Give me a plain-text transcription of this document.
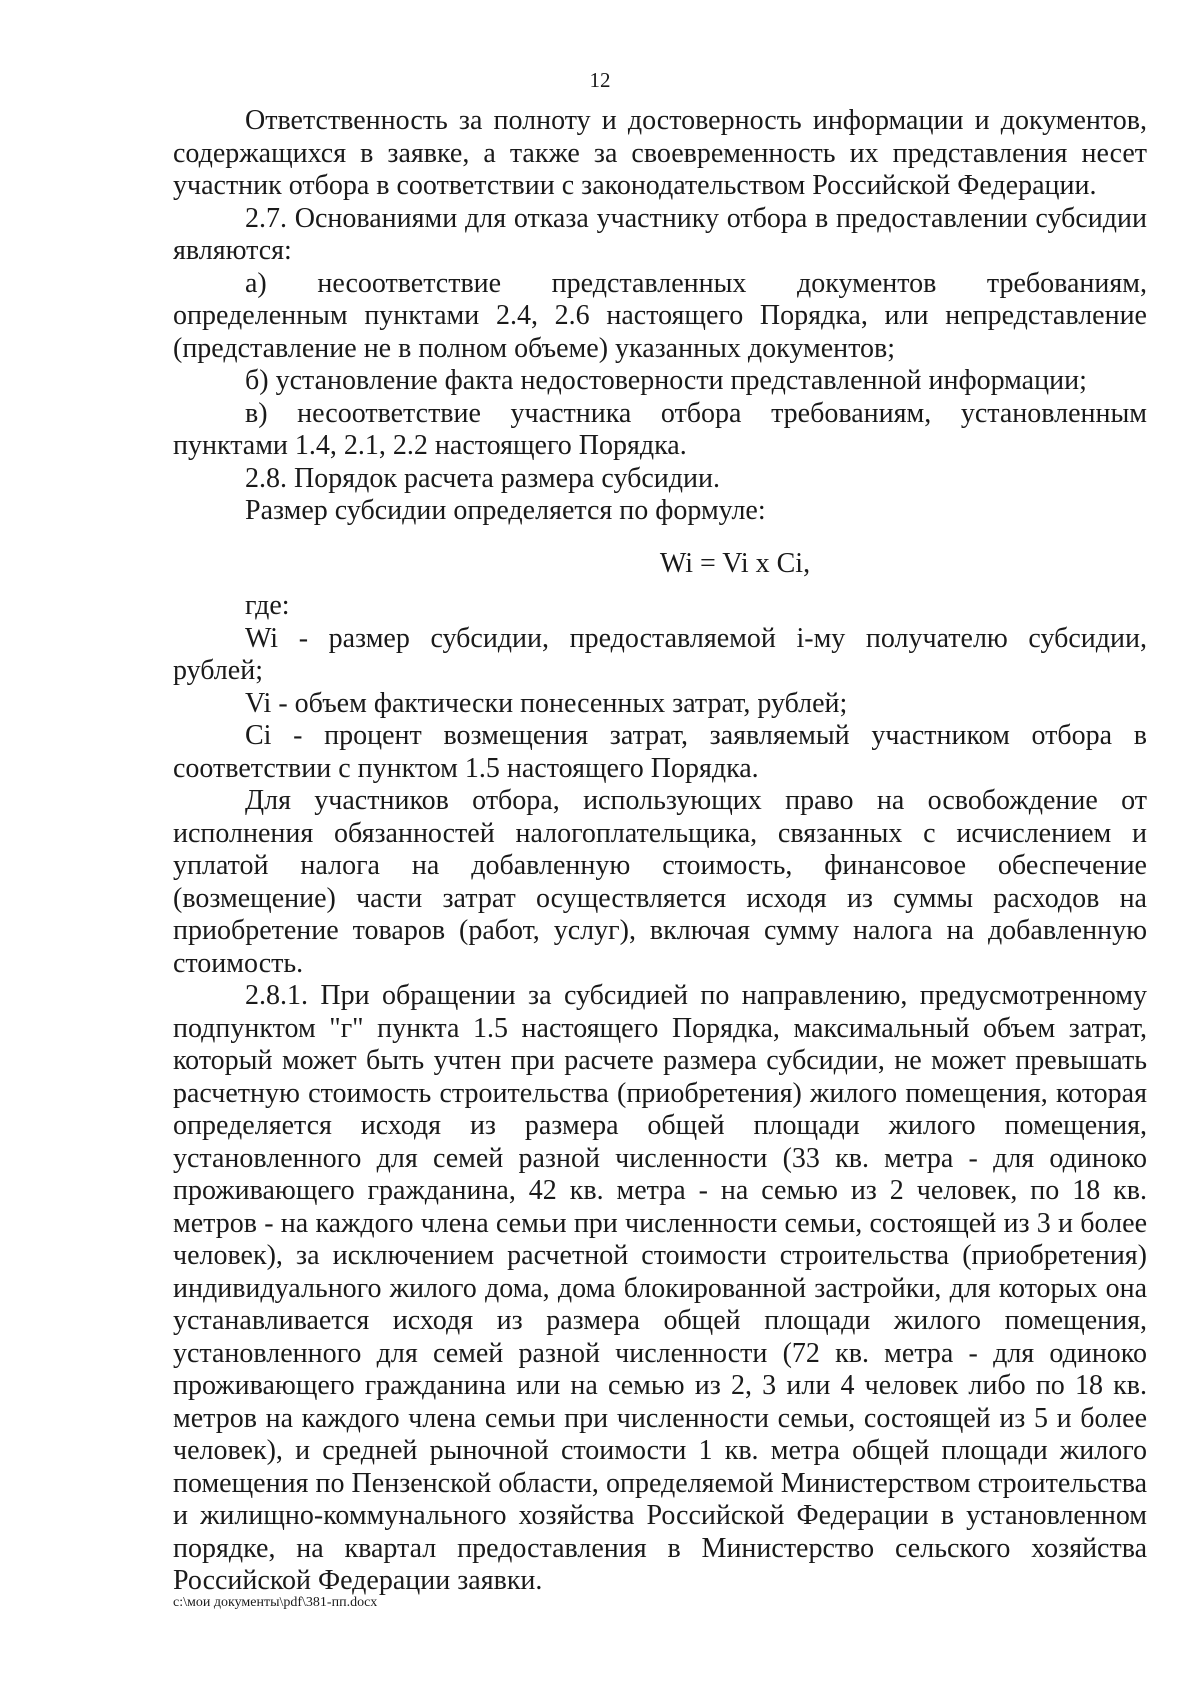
12

Ответственность за полноту и достоверность информации и документов, содержащихся в заявке, а также за своевременность их представления несет участник отбора в соответствии с законодательством Российской Федерации.

2.7. Основаниями для отказа участнику отбора в предоставлении субсидии являются:

а) несоответствие представленных документов требованиям, определенным пунктами 2.4, 2.6 настоящего Порядка, или непредставление (представление не в полном объеме) указанных документов;

б) установление факта недостоверности представленной информации;

в) несоответствие участника отбора требованиям, установленным пунктами 1.4, 2.1, 2.2 настоящего Порядка.

2.8. Порядок расчета размера субсидии.

Размер субсидии определяется по формуле:

Wi = Vi x Ci,

где:

Wi - размер субсидии, предоставляемой i-му получателю субсидии, рублей;

Vi - объем фактически понесенных затрат, рублей;

Ci - процент возмещения затрат, заявляемый участником отбора в соответствии с пунктом 1.5 настоящего Порядка.

Для участников отбора, использующих право на освобождение от исполнения обязанностей налогоплательщика, связанных с исчислением и уплатой налога на добавленную стоимость, финансовое обеспечение (возмещение) части затрат осуществляется исходя из суммы расходов на приобретение товаров (работ, услуг), включая сумму налога на добавленную стоимость.

2.8.1. При обращении за субсидией по направлению, предусмотренному подпунктом "г" пункта 1.5 настоящего Порядка, максимальный объем затрат, который может быть учтен при расчете размера субсидии, не может превышать расчетную стоимость строительства (приобретения) жилого помещения, которая определяется исходя из размера общей площади жилого помещения, установленного для семей разной численности (33 кв. метра - для одиноко проживающего гражданина, 42 кв. метра - на семью из 2 человек, по 18 кв. метров - на каждого члена семьи при численности семьи, состоящей из 3 и более человек), за исключением расчетной стоимости строительства (приобретения) индивидуального жилого дома, дома блокированной застройки, для которых она устанавливается исходя из размера общей площади жилого помещения, установленного для семей разной численности (72 кв. метра - для одиноко проживающего гражданина или на семью из 2, 3 или 4 человек либо по 18 кв. метров на каждого члена семьи при численности семьи, состоящей из 5 и более человек), и средней рыночной стоимости 1 кв. метра общей площади жилого помещения по Пензенской области, определяемой Министерством строительства и жилищно-коммунального хозяйства Российской Федерации в установленном порядке, на квартал предоставления в Министерство сельского хозяйства Российской Федерации заявки.

c:\мои документы\pdf\381-пп.docx
